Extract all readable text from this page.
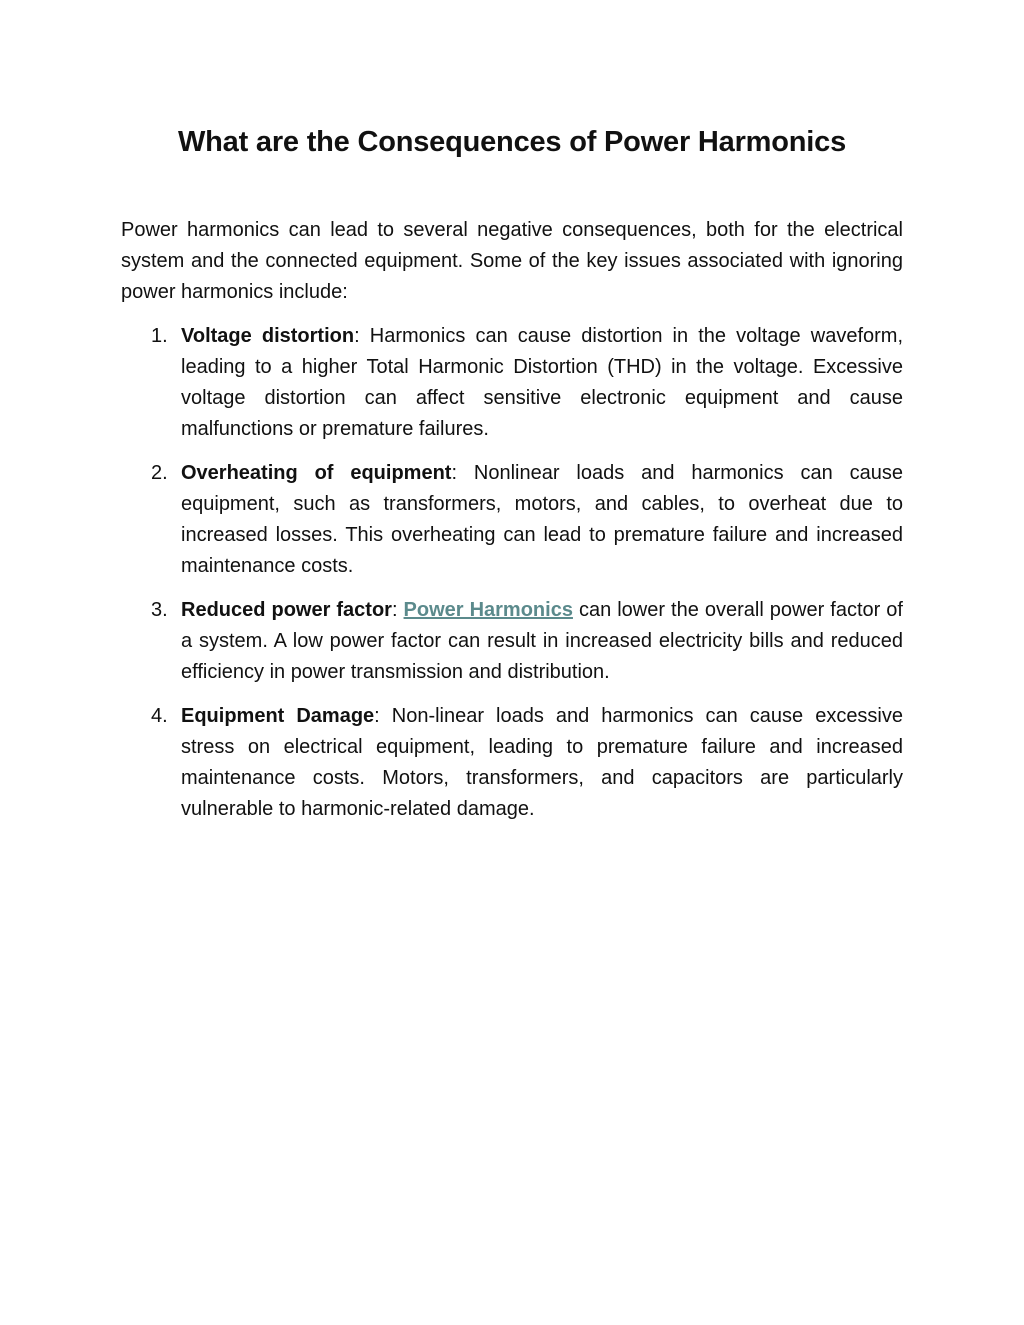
What are the Consequences of Power Harmonics

Power harmonics can lead to several negative consequences, both for the electrical system and the connected equipment. Some of the key issues associated with ignoring power harmonics include:

1. Voltage distortion: Harmonics can cause distortion in the voltage waveform, leading to a higher Total Harmonic Distortion (THD) in the voltage. Excessive voltage distortion can affect sensitive electronic equipment and cause malfunctions or premature failures.
2. Overheating of equipment: Nonlinear loads and harmonics can cause equipment, such as transformers, motors, and cables, to overheat due to increased losses. This overheating can lead to premature failure and increased maintenance costs.
3. Reduced power factor: Power Harmonics can lower the overall power factor of a system. A low power factor can result in increased electricity bills and reduced efficiency in power transmission and distribution.
4. Equipment Damage: Non-linear loads and harmonics can cause excessive stress on electrical equipment, leading to premature failure and increased maintenance costs. Motors, transformers, and capacitors are particularly vulnerable to harmonic-related damage.
